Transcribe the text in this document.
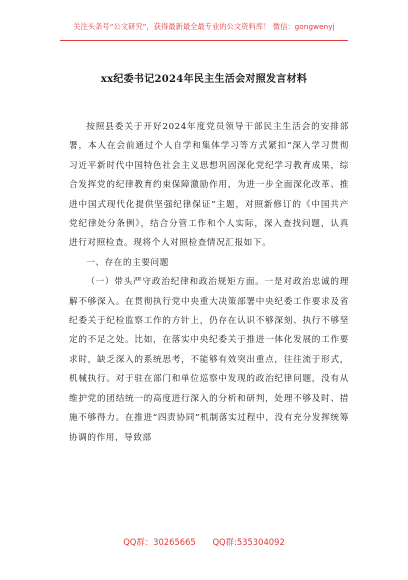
关注头条号“公文研究”，获得最新最全最专业的公文资料库！ 微信：gongwenyj
xx纪委书记2024年民主生活会对照发言材料

按照县委关于开好2024年度党员领导干部民主生活会的安排部署，本人在会前通过个人自学和集体学习等方式紧扣“深入学习贯彻习近平新时代中国特色社会主义思想巩固深化党纪学习教育成果，综合发挥党的纪律教育约束保障激励作用，为进一步全面深化改革、推进中国式现代化提供坚强纪律保证”主题，对照新修订的《中国共产党纪律处分条例》，结合分管工作和个人实际，深入查找问题，认真进行对照检查。现将个人对照检查情况汇报如下。

一、存在的主要问题

（一）带头严守政治纪律和政治规矩方面。一是对政治忠诚的理解不够深入。在贯彻执行党中央重大决策部署中央纪委工作要求及省纪委关于纪检监察工作的方针上，仍存在认识不够深刻、执行不够坚定的不足之处。比如，在落实中央纪委关于推进一体化发展的工作要求时，缺乏深入的系统思考，不能够有效突出重点，往往流于形式，机械执行。对于驻在部门和单位巡察中发现的政治纪律问题，没有从维护党的团结统一的高度进行深入的分析和研判，处理不够及时、措施不够得力。在推进“四责协同”机制落实过程中，没有充分发挥统筹协调的作用，导致部

QQ群：30265665 QQ群:535304092
